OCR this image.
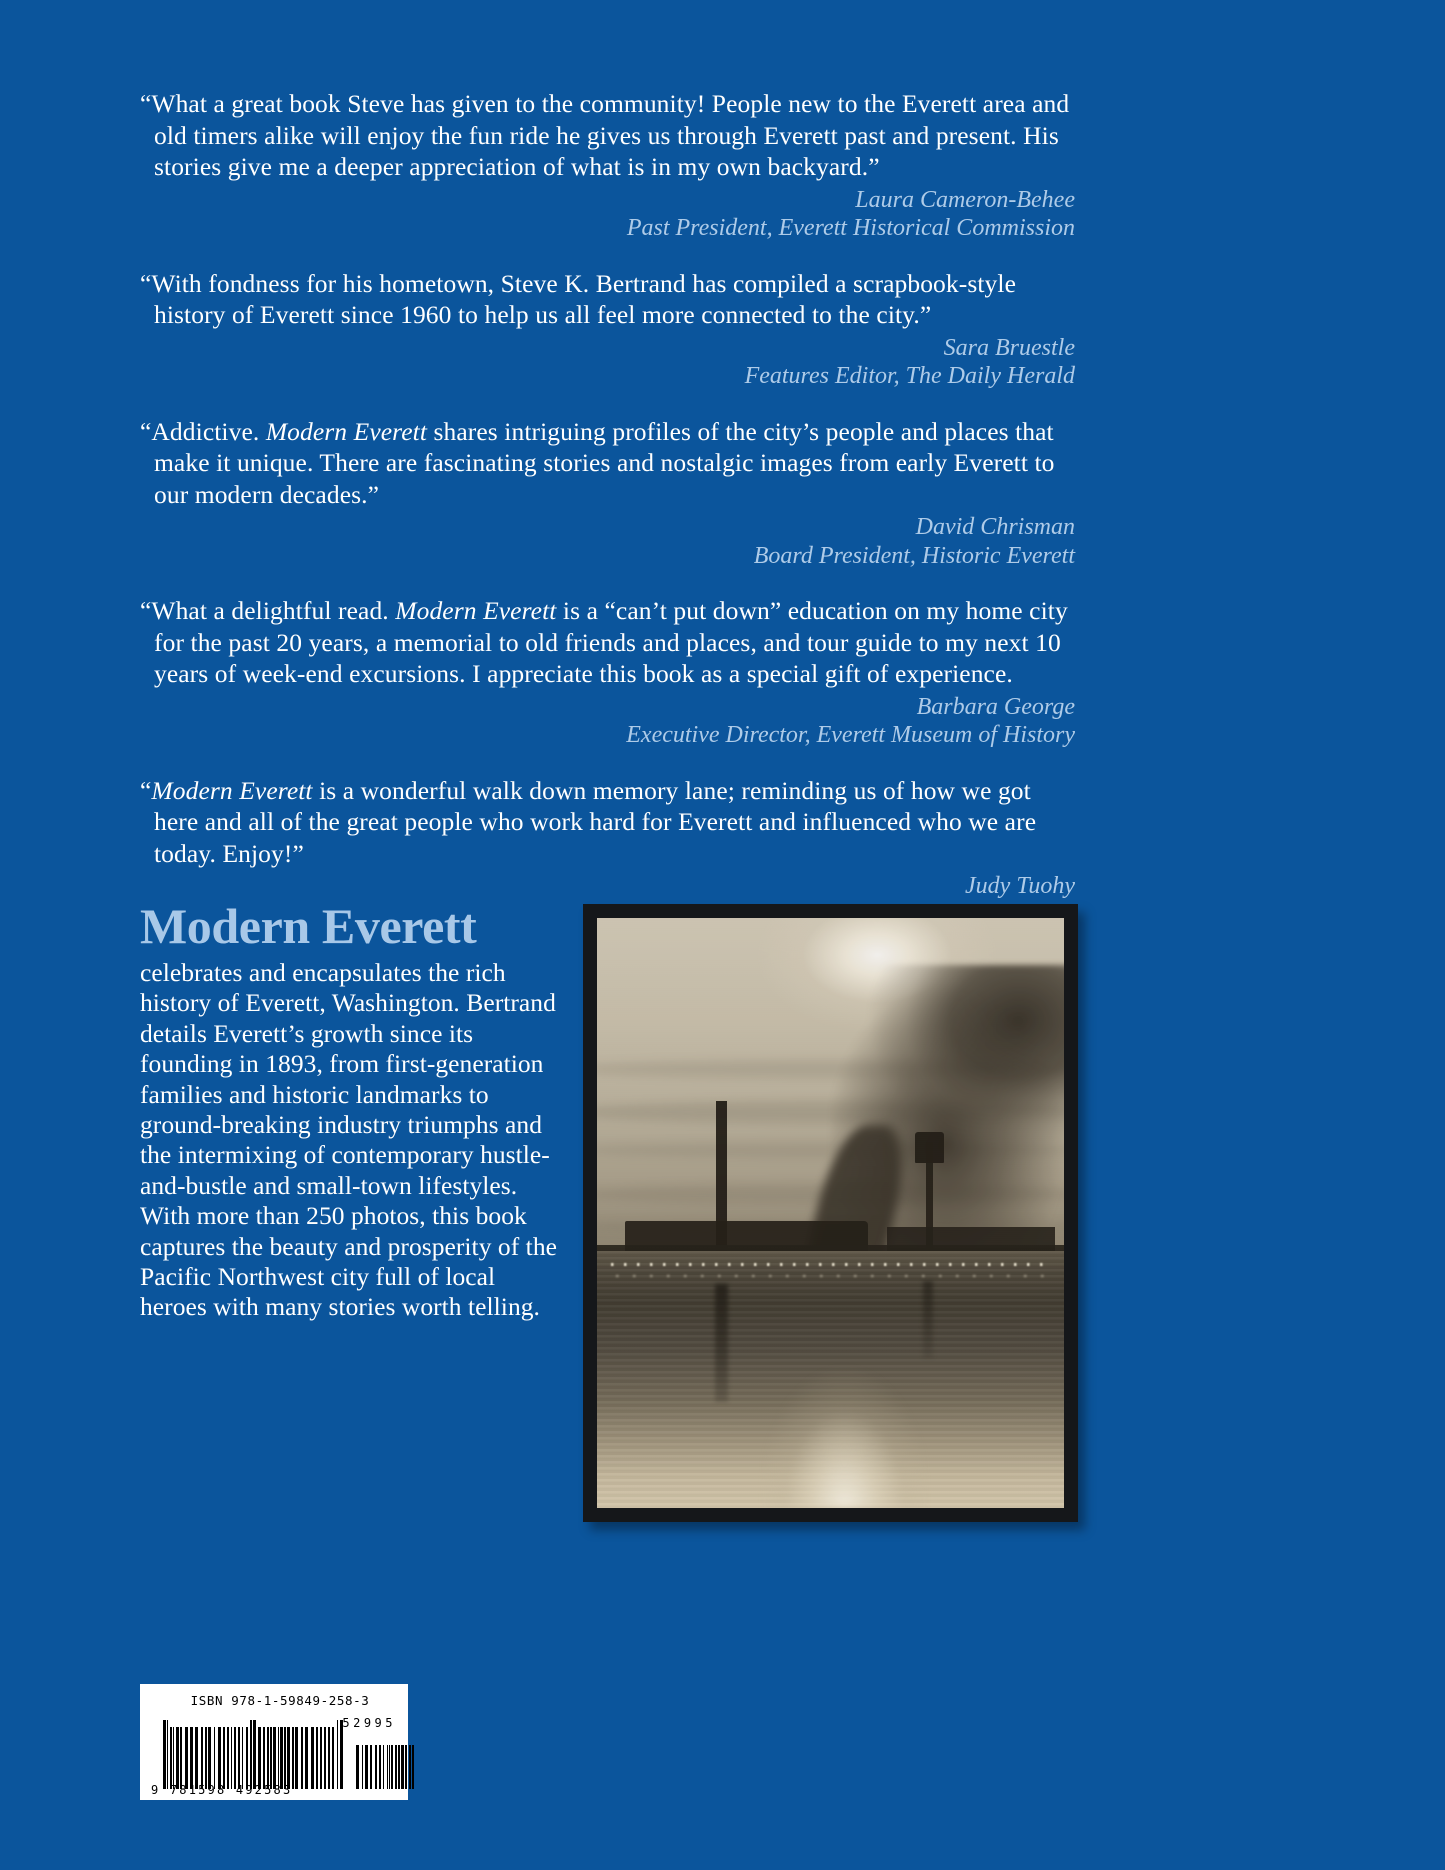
“What a great book Steve has given to the community! People new to the Everett area and old timers alike will enjoy the fun ride he gives us through Everett past and present. His stories give me a deeper appreciation of what is in my own backyard.”
Laura Cameron-Behee
Past President, Everett Historical Commission
“With fondness for his hometown, Steve K. Bertrand has compiled a scrapbook-style history of Everett since 1960 to help us all feel more connected to the city.”
Sara Bruestle
Features Editor, The Daily Herald
“Addictive. Modern Everett shares intriguing profiles of the city’s people and places that make it unique. There are fascinating stories and nostalgic images from early Everett to our modern decades.”
David Chrisman
Board President, Historic Everett
“What a delightful read. Modern Everett is a “can’t put down” education on my home city for the past 20 years, a memorial to old friends and places, and tour guide to my next 10 years of week-end excursions. I appreciate this book as a special gift of experience.
Barbara George
Executive Director, Everett Museum of History
“Modern Everett is a wonderful walk down memory lane; reminding us of how we got here and all of the great people who work hard for Everett and influenced who we are today. Enjoy!”
Judy Tuohy
Modern Everett
celebrates and encapsulates the rich history of Everett, Washington. Bertrand details Everett’s growth since its founding in 1893, from first-generation families and historic landmarks to ground-breaking industry triumphs and the intermixing of contemporary hustle-and-bustle and small-town lifestyles. With more than 250 photos, this book captures the beauty and prosperity of the Pacific Northwest city full of local heroes with many stories worth telling.
ISBN 978-1-59849-258-3
9 781598 492583
52995
